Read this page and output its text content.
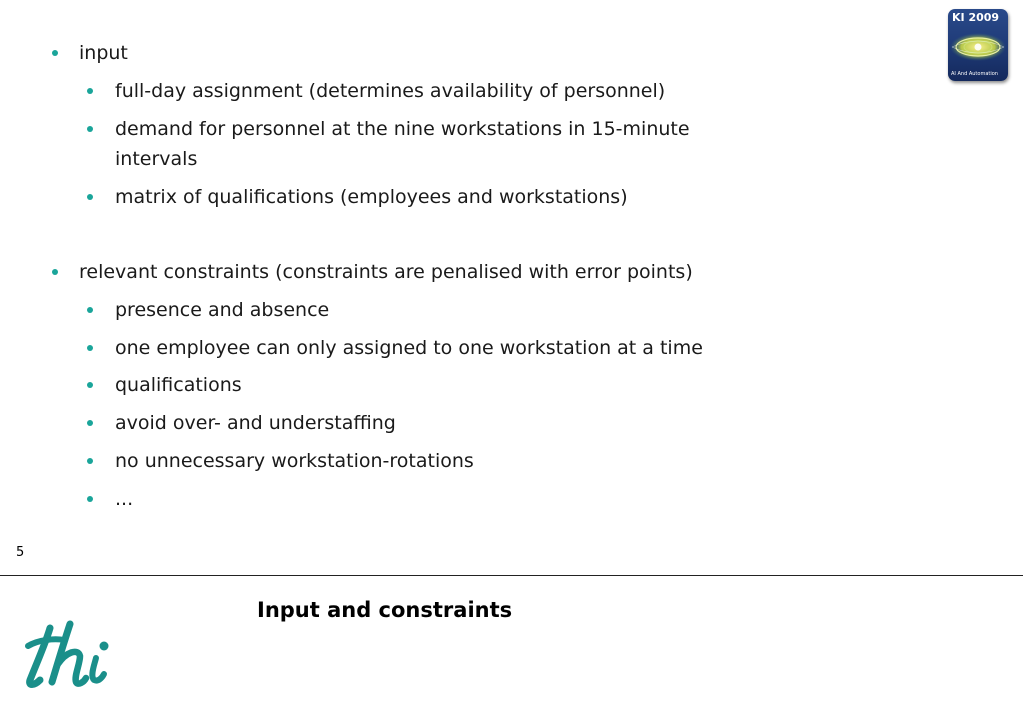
input
full-day assignment (determines availability of personnel)
demand for personnel at the nine workstations in 15-minute
intervals
matrix of qualifications (employees and workstations)
relevant constraints (constraints are penalised with error points)
presence and absence
one employee can only assigned to one workstation at a time
qualifications
avoid over- and understaffing
no unnecessary workstation-rotations
...
KI 2009
AI And Automation
5
Input and constraints
